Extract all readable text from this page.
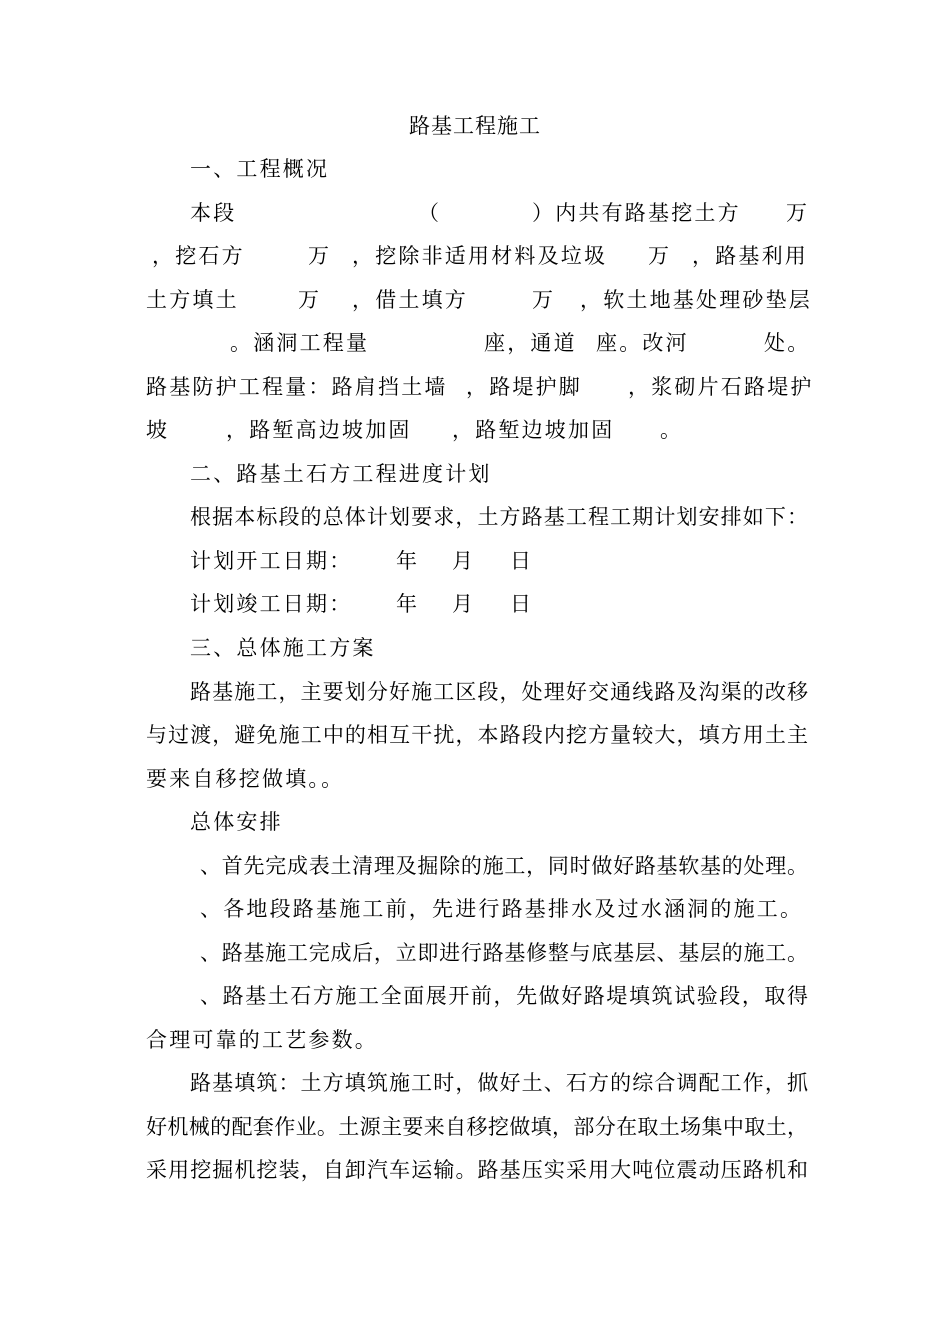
路基工程施工
一、工程概况
本段	（	）内共有路基挖土方 万
，挖石方	万 ，挖除非适用材料及垃圾 万 ，路基利用
土方填土	万 ，借土填方	万 ，软土地基处理砂垫层
。涵洞工程量	座，通道 座。改河	处。
路基防护工程量：路肩挡土墙 ，路堤护脚 ，浆砌片石路堤护
坡	，路堑高边坡加固 ，路堑边坡加固 。
二、路基土石方工程进度计划
根据本标段的总体计划要求，土方路基工程工期计划安排如下：
计划开工日期： 年 月 日
计划竣工日期： 年 月 日
三、总体施工方案
路基施工，主要划分好施工区段，处理好交通线路及沟渠的改移
与过渡，避免施工中的相互干扰，本路段内挖方量较大，填方用土主
要来自移挖做填。。
总体安排
、首先完成表土清理及掘除的施工，同时做好路基软基的处理。
、各地段路基施工前，先进行路基排水及过水涵洞的施工。
、路基施工完成后，立即进行路基修整与底基层、基层的施工。
、路基土石方施工全面展开前，先做好路堤填筑试验段，取得
合理可靠的工艺参数。
路基填筑：土方填筑施工时，做好土、石方的综合调配工作，抓
好机械的配套作业。土源主要来自移挖做填，部分在取土场集中取土，
采用挖掘机挖装，自卸汽车运输。路基压实采用大吨位震动压路机和
